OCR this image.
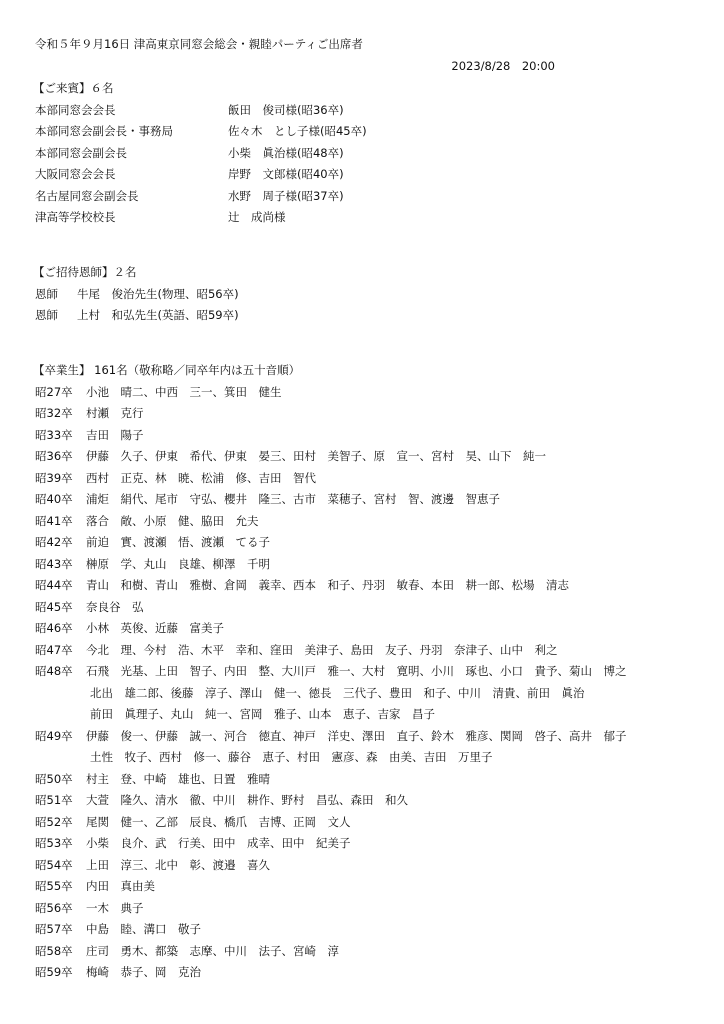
令和５年９月16日 津高東京同窓会総会・親睦パーティご出席者
2023/8/28　20:00
【ご来賓】６名
本部同窓会会長	飯田　俊司様(昭36卒)
本部同窓会副会長・事務局	佐々木　とし子様(昭45卒)
本部同窓会副会長	小柴　眞治様(昭48卒)
大阪同窓会会長	岸野　文郎様(昭40卒)
名古屋同窓会副会長	水野　周子様(昭37卒)
津高等学校校長	辻　成尚様
【ご招待恩師】２名
恩師 牛尾　俊治先生(物理、昭56卒)
恩師 上村　和弘先生(英語、昭59卒)
【卒業生】 161名（敬称略／同卒年内は五十音順）
昭27卒 小池　晴二、中西　三一、箕田　健生
昭32卒 村瀬　克行
昭33卒 吉田　陽子
昭36卒 伊藤　久子、伊東　希代、伊東　晏三、田村　美智子、原　宣一、宮村　昊、山下　純一
昭39卒 西村　正克、林　暁、松浦　修、吉田　智代
昭40卒 浦炬　絹代、尾市　守弘、櫻井　隆三、古市　菜穂子、宮村　智、渡邊　智恵子
昭41卒 落合　敞、小原　健、脇田　允夫
昭42卒 前迫　實、渡瀬　悟、渡瀬　てる子
昭43卒 榊原　学、丸山　良雄、柳澤　千明
昭44卒 青山　和樹、青山　雅樹、倉岡　義幸、西本　和子、丹羽　敏春、本田　耕一郎、松場　清志
昭45卒 奈良谷　弘
昭46卒 小林　英俊、近藤　富美子
昭47卒 今北　理、今村　浩、木平　幸和、窪田　美津子、島田　友子、丹羽　奈津子、山中　利之
昭48卒 石飛　光基、上田　智子、内田　整、大川戸　雅一、大村　寛明、小川　琢也、小口　貴予、菊山　博之
北出　雄二郎、後藤　淳子、澤山　健一、徳長　三代子、豊田　和子、中川　清貴、前田　眞治
前田　眞理子、丸山　純一、宮岡　雅子、山本　恵子、吉家　昌子
昭49卒 伊藤　俊一、伊藤　誠一、河合　徳直、神戸　洋史、澤田　直子、鈴木　雅彦、関岡　啓子、高井　郁子
土性　牧子、西村　修一、藤谷　恵子、村田　憲彦、森　由美、吉田　万里子
昭50卒 村主　登、中崎　雄也、日置　雅晴
昭51卒 大萱　隆久、清水　徹、中川　耕作、野村　昌弘、森田　和久
昭52卒 尾関　健一、乙部　辰良、橋爪　吉博、正岡　文人
昭53卒 小柴　良介、武　行美、田中　成幸、田中　紀美子
昭54卒 上田　淳三、北中　彰、渡邉　喜久
昭55卒 内田　真由美
昭56卒 一木　典子
昭57卒 中島　睦、溝口　敬子
昭58卒 庄司　勇木、都築　志摩、中川　法子、宮崎　淳
昭59卒 梅崎　恭子、岡　克治
